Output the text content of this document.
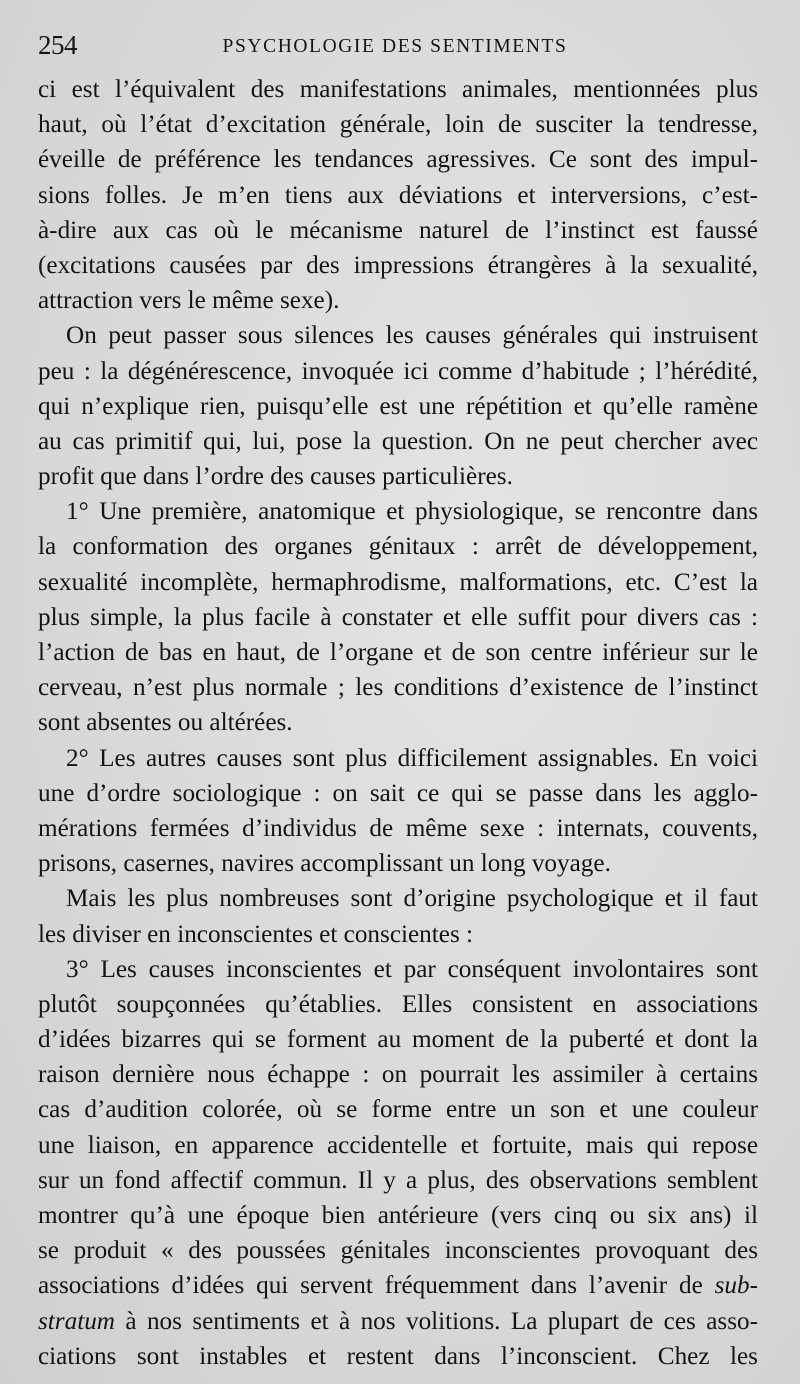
254	PSYCHOLOGIE DES SENTIMENTS
ci est l’équivalent des manifestations animales, mentionnées plus
haut, où l’état d’excitation générale, loin de susciter la tendresse,
éveille de préférence les tendances agressives. Ce sont des impul-
sions folles. Je m’en tiens aux déviations et interversions, c’est-
à-dire aux cas où le mécanisme naturel de l’instinct est faussé
(excitations causées par des impressions étrangères à la sexualité,
attraction vers le même sexe).
On peut passer sous silences les causes générales qui instruisent
peu : la dégénérescence, invoquée ici comme d’habitude ; l’hérédité,
qui n’explique rien, puisqu’elle est une répétition et qu’elle ramène
au cas primitif qui, lui, pose la question. On ne peut chercher avec
profit que dans l’ordre des causes particulières.
1° Une première, anatomique et physiologique, se rencontre dans
la conformation des organes génitaux : arrêt de développement,
sexualité incomplète, hermaphrodisme, malformations, etc. C’est la
plus simple, la plus facile à constater et elle suffit pour divers cas :
l’action de bas en haut, de l’organe et de son centre inférieur sur le
cerveau, n’est plus normale ; les conditions d’existence de l’instinct
sont absentes ou altérées.
2° Les autres causes sont plus difficilement assignables. En voici
une d’ordre sociologique : on sait ce qui se passe dans les agglo-
mérations fermées d’individus de même sexe : internats, couvents,
prisons, casernes, navires accomplissant un long voyage.
Mais les plus nombreuses sont d’origine psychologique et il faut
les diviser en inconscientes et conscientes :
3° Les causes inconscientes et par conséquent involontaires sont
plutôt soupçonnées qu’établies. Elles consistent en associations
d’idées bizarres qui se forment au moment de la puberté et dont la
raison dernière nous échappe : on pourrait les assimiler à certains
cas d’audition colorée, où se forme entre un son et une couleur
une liaison, en apparence accidentelle et fortuite, mais qui repose
sur un fond affectif commun. Il y a plus, des observations semblent
montrer qu’à une époque bien antérieure (vers cinq ou six ans) il
se produit « des poussées génitales inconscientes provoquant des
associations d’idées qui servent fréquemment dans l’avenir de sub-
stratum à nos sentiments et à nos volitions. La plupart de ces asso-
ciations sont instables et restent dans l’inconscient. Chez les
